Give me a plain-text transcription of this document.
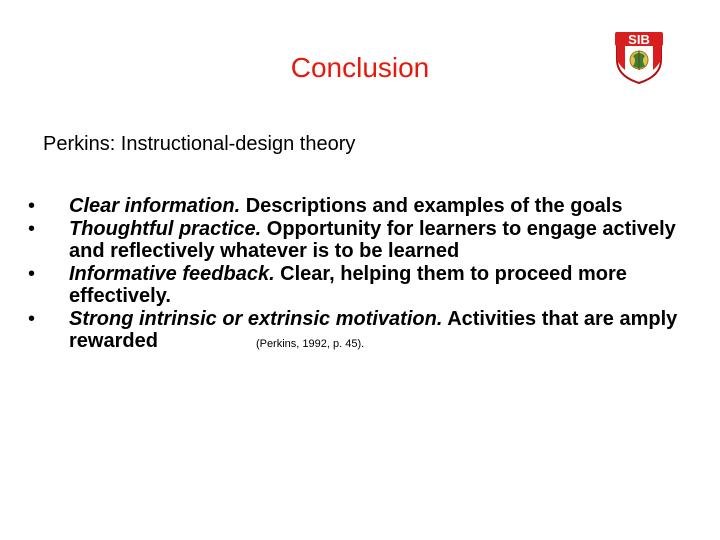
Conclusion
SIB
Perkins: Instructional-design theory
•	Clear information. Descriptions and examples of the goals
•	Thoughtful practice. Opportunity for learners to engage actively and reflectively whatever is to be learned
•	Informative feedback. Clear, helping them to proceed more effectively.
•	Strong intrinsic or extrinsic motivation. Activities that are amply rewarded	(Perkins, 1992, p. 45).
